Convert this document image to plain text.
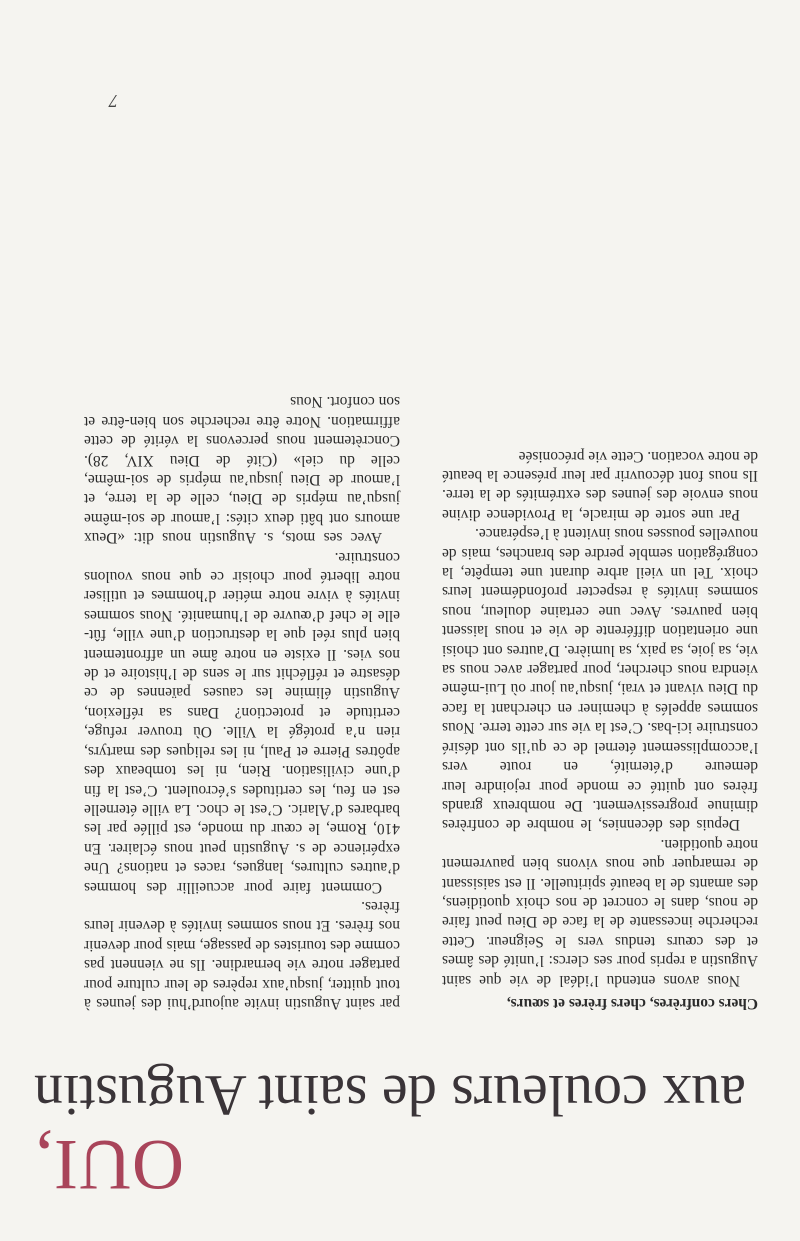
OUI,
aux couleurs de saint Augustin

Chers confrères, chers frères et sœurs,

Nous avons entendu l’idéal de vie que saint Augustin a repris pour ses clercs: l’unité des âmes et des cœurs tendus vers le Seigneur. Cette recherche incessante de la face de Dieu peut faire de nous, dans le concret de nos choix quotidiens, des amants de la beauté spirituelle. Il est saisissant de remarquer que nous vivons bien pauvrement notre quotidien.

Depuis des décennies, le nombre de confrères diminue progressivement. De nombreux grands frères ont quitté ce monde pour rejoindre leur demeure d’éternité, en route vers l’accomplissement éternel de ce qu’ils ont désiré construire ici-bas. C’est la vie sur cette terre. Nous sommes appelés à cheminer en cherchant la face du Dieu vivant et vrai, jusqu’au jour où Lui-même viendra nous chercher, pour partager avec nous sa vie, sa joie, sa paix, sa lumière. D’autres ont choisi une orientation différente de vie et nous laissent bien pauvres. Avec une certaine douleur, nous sommes invités à respecter profondément leurs choix. Tel un vieil arbre durant une tempête, la congrégation semble perdre des branches, mais de nouvelles pousses nous invitent à l’espérance.

Par une sorte de miracle, la Providence divine nous envoie des jeunes des extrémités de la terre. Ils nous font découvrir par leur présence la beauté de notre vocation. Cette vie préconisée

par saint Augustin invite aujourd’hui des jeunes à tout quitter, jusqu’aux repères de leur culture pour partager notre vie bernardine. Ils ne viennent pas comme des touristes de passage, mais pour devenir nos frères. Et nous sommes invités à devenir leurs frères.

Comment faire pour accueillir des hommes d’autres cultures, langues, races et nations? Une expérience de s. Augustin peut nous éclairer. En 410, Rome, le cœur du monde, est pillée par les barbares d’Alaric. C’est le choc. La ville éternelle est en feu, les certitudes s’écroulent. C’est la fin d’une civilisation. Rien, ni les tombeaux des apôtres Pierre et Paul, ni les reliques des martyrs, rien n’a protégé la Ville. Où trouver refuge, certitude et protection? Dans sa réflexion, Augustin élimine les causes païennes de ce désastre et réfléchit sur le sens de l’histoire et de nos vies. Il existe en notre âme un affrontement bien plus réel que la destruction d’une ville, fût-elle le chef d’œuvre de l’humanité. Nous sommes invités à vivre notre métier d’hommes et utiliser notre liberté pour choisir ce que nous voulons construire.

Avec ses mots, s. Augustin nous dit: «Deux amours ont bâti deux cités: l’amour de soi-même jusqu’au mépris de Dieu, celle de la terre, et l’amour de Dieu jusqu’au mépris de soi-même, celle du ciel» (Cité de Dieu XIV, 28). Concrètement nous percevons la vérité de cette affirmation. Notre être recherche son bien-être et son confort. Nous

7
